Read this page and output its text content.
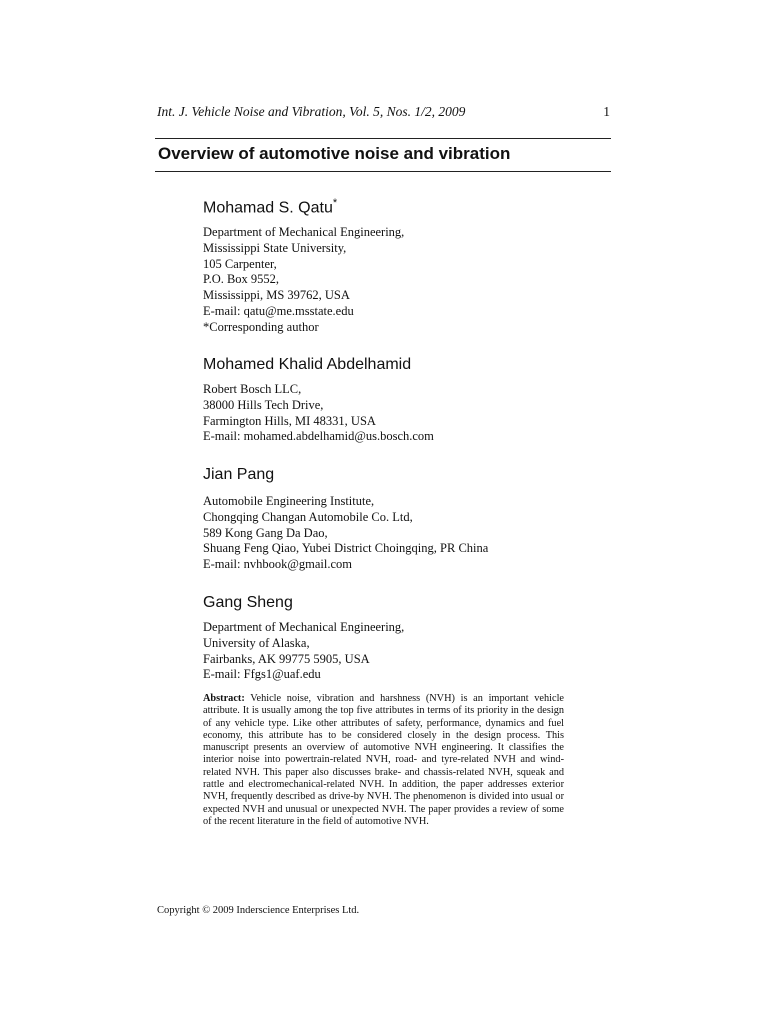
Int. J. Vehicle Noise and Vibration, Vol. 5, Nos. 1/2, 2009	1
Overview of automotive noise and vibration
Mohamad S. Qatu*
Department of Mechanical Engineering,
Mississippi State University,
105 Carpenter,
P.O. Box 9552,
Mississippi, MS 39762, USA
E-mail: qatu@me.msstate.edu
*Corresponding author
Mohamed Khalid Abdelhamid
Robert Bosch LLC,
38000 Hills Tech Drive,
Farmington Hills, MI 48331, USA
E-mail: mohamed.abdelhamid@us.bosch.com
Jian Pang
Automobile Engineering Institute,
Chongqing Changan Automobile Co. Ltd,
589 Kong Gang Da Dao,
Shuang Feng Qiao, Yubei District Choingqing, PR China
E-mail: nvhbook@gmail.com
Gang Sheng
Department of Mechanical Engineering,
University of Alaska,
Fairbanks, AK 99775 5905, USA
E-mail: Ffgs1@uaf.edu
Abstract: Vehicle noise, vibration and harshness (NVH) is an important vehicle attribute. It is usually among the top five attributes in terms of its priority in the design of any vehicle type. Like other attributes of safety, performance, dynamics and fuel economy, this attribute has to be considered closely in the design process. This manuscript presents an overview of automotive NVH engineering. It classifies the interior noise into powertrain-related NVH, road- and tyre-related NVH and wind-related NVH. This paper also discusses brake- and chassis-related NVH, squeak and rattle and electromechanical-related NVH. In addition, the paper addresses exterior NVH, frequently described as drive-by NVH. The phenomenon is divided into usual or expected NVH and unusual or unexpected NVH. The paper provides a review of some of the recent literature in the field of automotive NVH.
Copyright © 2009 Inderscience Enterprises Ltd.
